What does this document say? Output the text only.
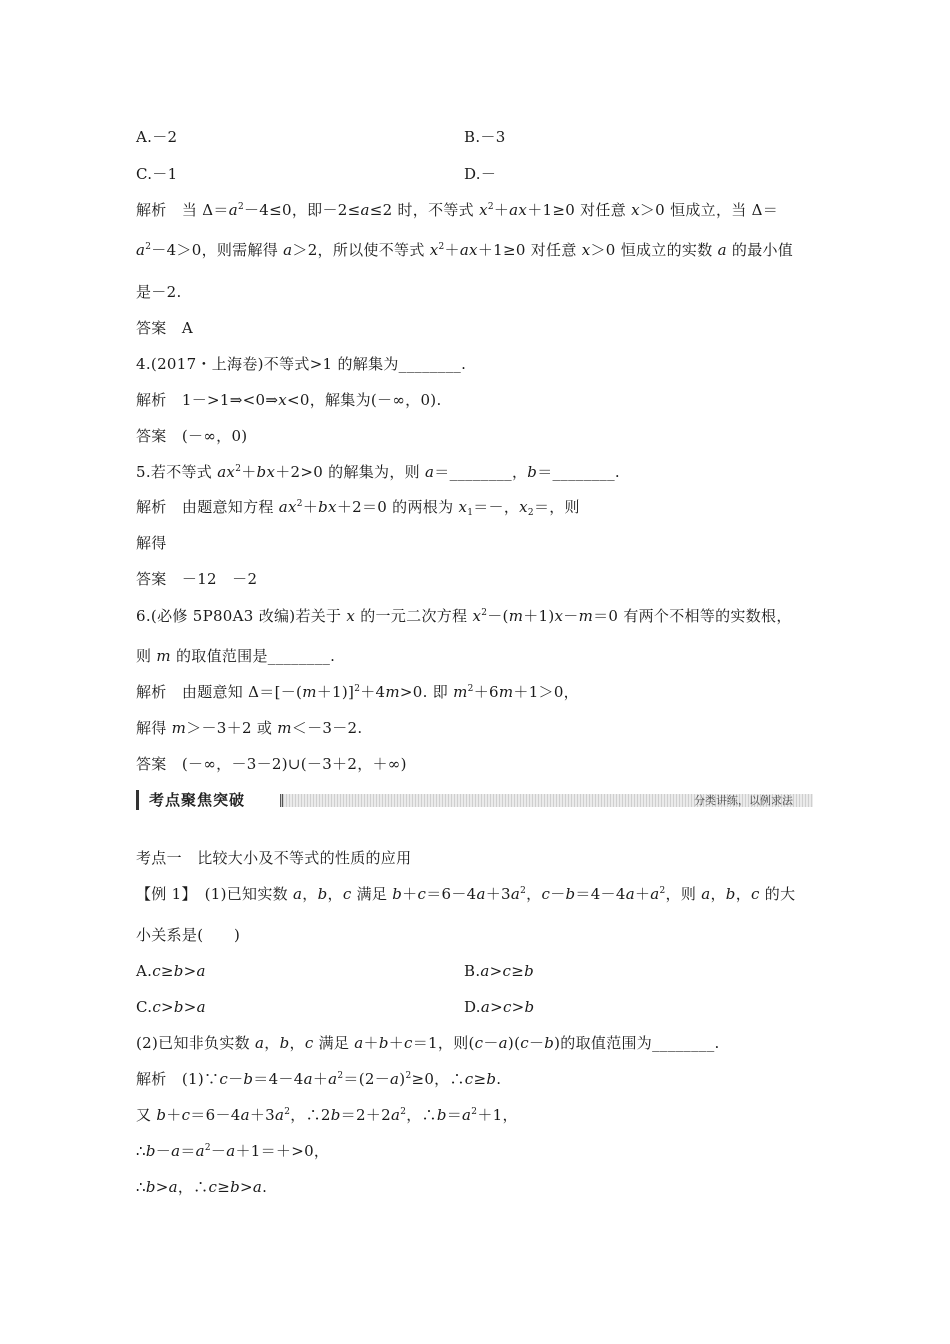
A.－2	B.－3
C.－1	D.－
解析　当 $\Delta=a^2-4\le 0$，即－2≤a≤2 时，不等式 $x^2+ax+1\ge 0$ 对任意 x＞0 恒成立，当 Δ＝
$a^2-4>0$，则需解得 a＞2，所以使不等式 $x^2+ax+1\ge 0$ 对任意 x＞0 恒成立的实数 a 的最小值
是－2.
答案　A
4.(2017・上海卷)不等式>1 的解集为________.
解析　1－>1⇒<0⇒x<0，解集为(－∞，0).
答案　(－∞，0)
5.若不等式 $ax^2+bx+2>0$ 的解集为，则 a＝________，b＝________.
解析　由题意知方程 $ax^2+bx+2=0$ 的两根为 $x_1=-$，$x_2=$，则
解得
答案　－12　－2
6.(必修 5P80A3 改编)若关于 x 的一元二次方程 $x^2-(m+1)x-m=0$ 有两个不相等的实数根，
则 m 的取值范围是________.
解析　由题意知 $\Delta=[-(m+1)]^2+4m>0$. 即 $m^2+6m+1>0$，
解得 m＞－3＋2 或 m＜－3－2.
答案　(－∞，－3－2)∪(－3＋2，＋∞)
分类讲练，以例求法
考点聚焦突破
考点一　比较大小及不等式的性质的应用
【例 1】　(1)已知实数 a，b，c 满足 $b+c=6-4a+3a^2$，$c-b=4-4a+a^2$，则 a，b，c 的大
小关系是(　　)
A.c≥b>a	B.a>c≥b
C.c>b>a	D.a>c>b
(2)已知非负实数 a，b，c 满足 a＋b＋c＝1，则(c－a)(c－b)的取值范围为________.
解析　$(1)\because c-b=4-4a+a^2=(2-a)^2\ge 0$，∴c≥b.
又 $b+c=6-4a+3a^2$，$\therefore 2b=2+2a^2$，$\therefore b=a^2+1$，
$\therefore b-a=a^2-a+1=+>0$，
∴b>a，∴c≥b>a.
